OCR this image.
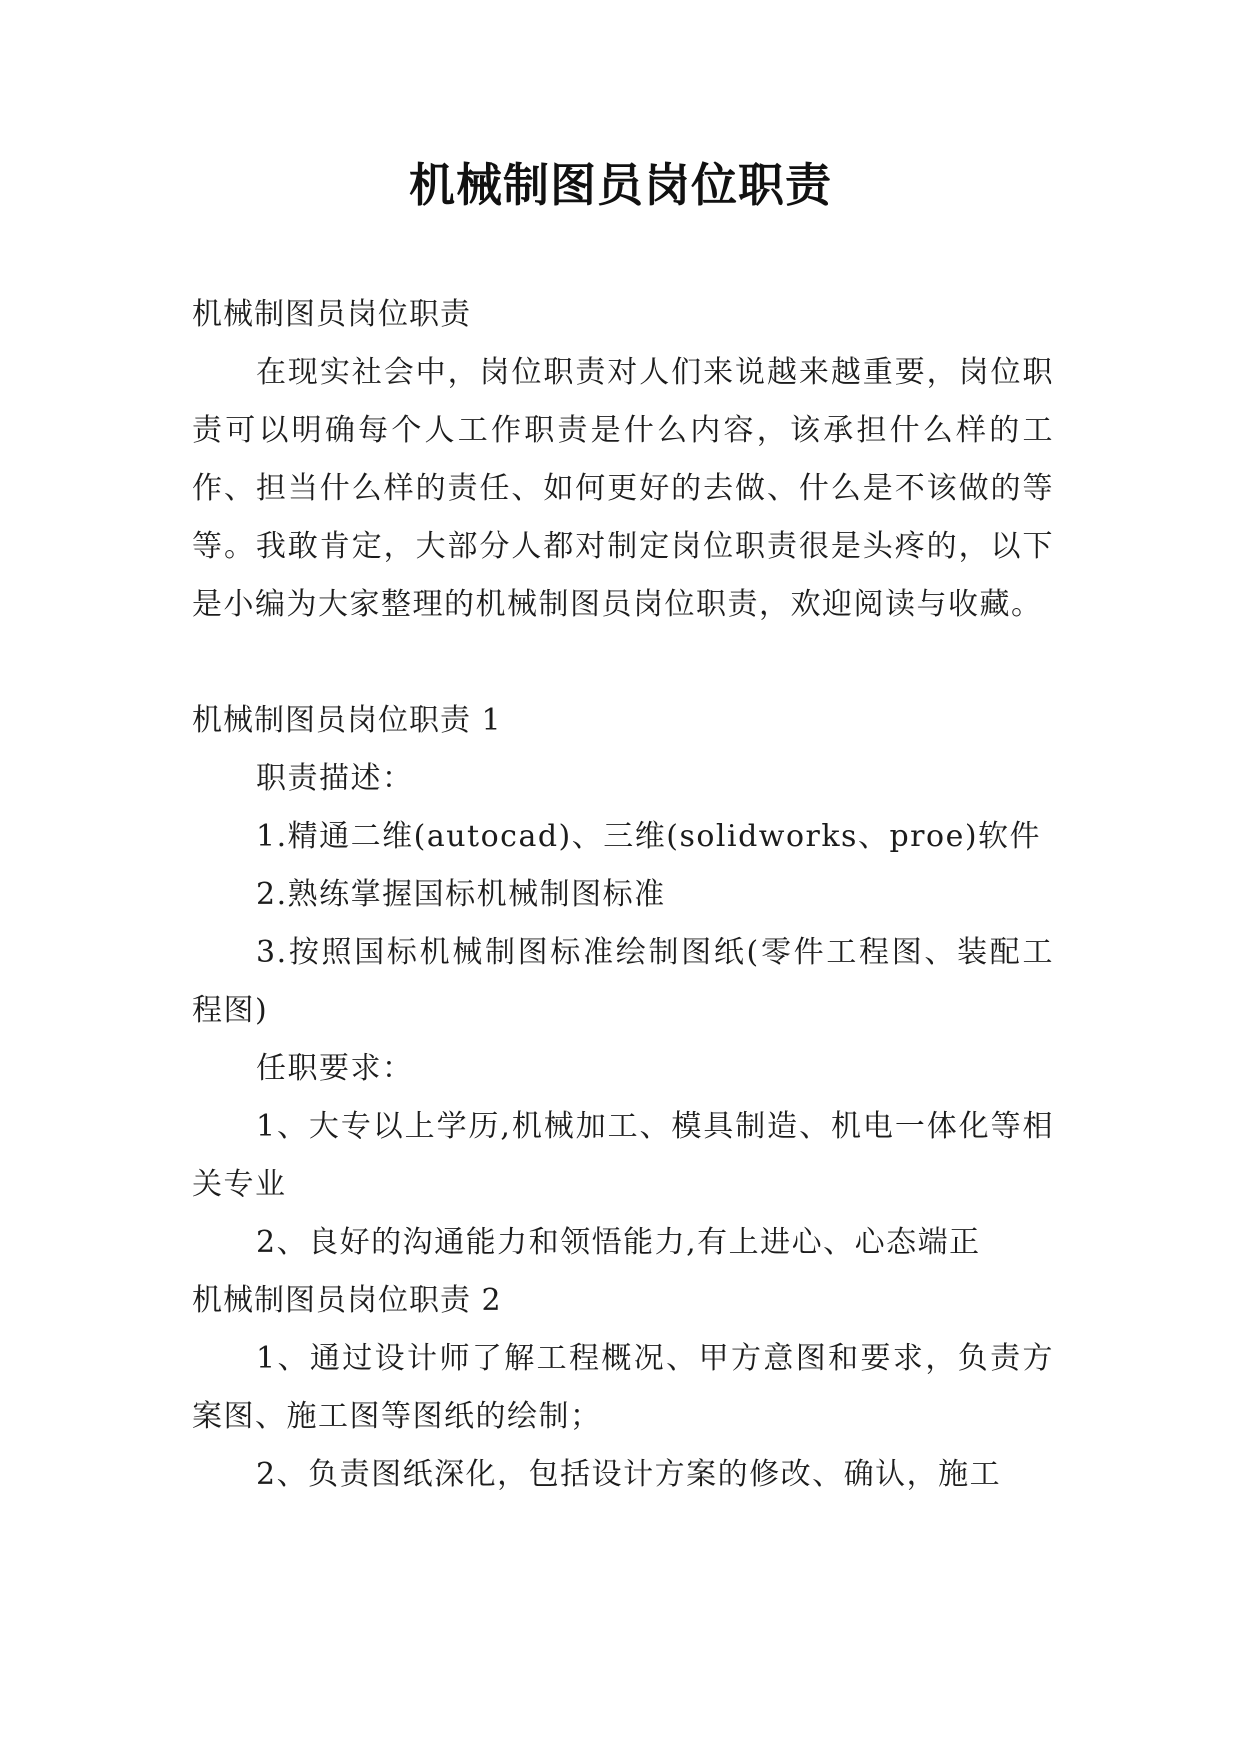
机械制图员岗位职责

机械制图员岗位职责

在现实社会中，岗位职责对人们来说越来越重要，岗位职责可以明确每个人工作职责是什么内容，该承担什么样的工作、担当什么样的责任、如何更好的去做、什么是不该做的等等。我敢肯定，大部分人都对制定岗位职责很是头疼的，以下是小编为大家整理的机械制图员岗位职责，欢迎阅读与收藏。

机械制图员岗位职责 1

职责描述：

1.精通二维(autocad)、三维(solidworks、proe)软件

2.熟练掌握国标机械制图标准

3.按照国标机械制图标准绘制图纸(零件工程图、装配工程图)

任职要求：

1、大专以上学历,机械加工、模具制造、机电一体化等相关专业

2、良好的沟通能力和领悟能力,有上进心、心态端正

机械制图员岗位职责 2

1、通过设计师了解工程概况、甲方意图和要求，负责方案图、施工图等图纸的绘制；

2、负责图纸深化，包括设计方案的修改、确认，施工
